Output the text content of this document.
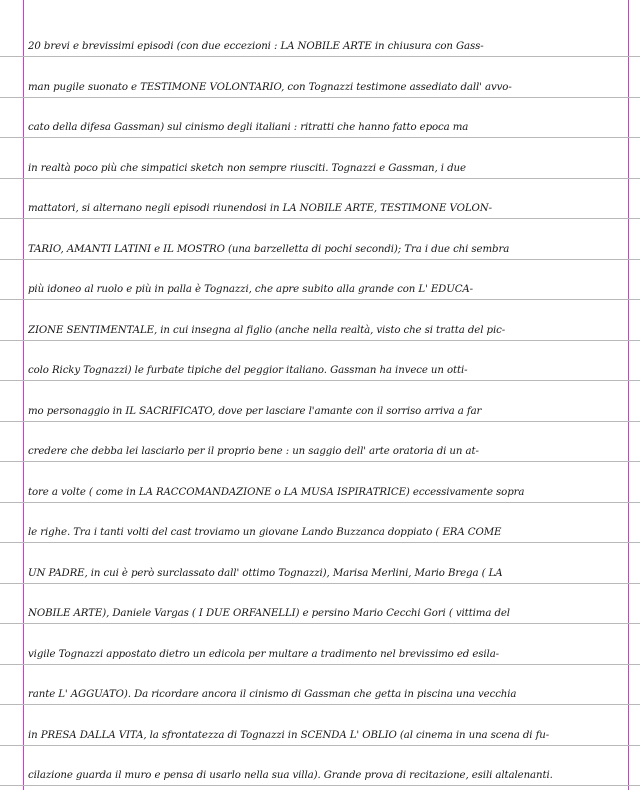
20 brevi e brevissimi episodi (con due eccezioni : LA NOBILE ARTE in chiusura con Gass-
man pugile suonato e TESTIMONE VOLONTARIO, con Tognazzi testimone assediato dall' avvo-
cato della difesa Gassman) sul cinismo degli italiani : ritratti che hanno fatto epoca ma
in realtà poco più che simpatici sketch non sempre riusciti. Tognazzi e Gassman, i due
mattatori, si alternano negli episodi riunendosi in LA NOBILE ARTE, TESTIMONE VOLON-
TARIO, AMANTI LATINI e IL MOSTRO (una barzelletta di pochi secondi); Tra i due chi sembra
più idoneo al ruolo e più in palla è Tognazzi, che apre subito alla grande con L' EDUCA-
ZIONE SENTIMENTALE, in cui insegna al figlio (anche nella realtà, visto che si tratta del pic-
colo Ricky Tognazzi) le furbate tipiche del peggior italiano. Gassman ha invece un otti-
mo personaggio in IL SACRIFICATO, dove per lasciare l'amante con il sorriso arriva a far
credere che debba lei lasciarlo per il proprio bene : un saggio dell' arte oratoria di un at-
tore a volte ( come in LA RACCOMANDAZIONE o LA MUSA ISPIRATRICE) eccessivamente sopra
le righe. Tra i tanti volti del cast troviamo un giovane Lando Buzzanca doppiato ( ERA COME
UN PADRE, in cui è però surclassato dall' ottimo Tognazzi), Marisa Merlini, Mario Brega ( LA
NOBILE ARTE), Daniele Vargas ( I DUE ORFANELLI) e persino Mario Cecchi Gori ( vittima del
vigile Tognazzi appostato dietro un edicola per multare a tradimento nel brevissimo ed esila-
rante L' AGGUATO). Da ricordare ancora il cinismo di Gassman che getta in piscina una vecchia
in PRESA DALLA VITA, la sfrontatezza di Tognazzi in SCENDA L' OBLIO (al cinema in una scena di fu-
cilazione guarda il muro e pensa di usarlo nella sua villa). Grande prova di recitazione, esili altalenanti.
